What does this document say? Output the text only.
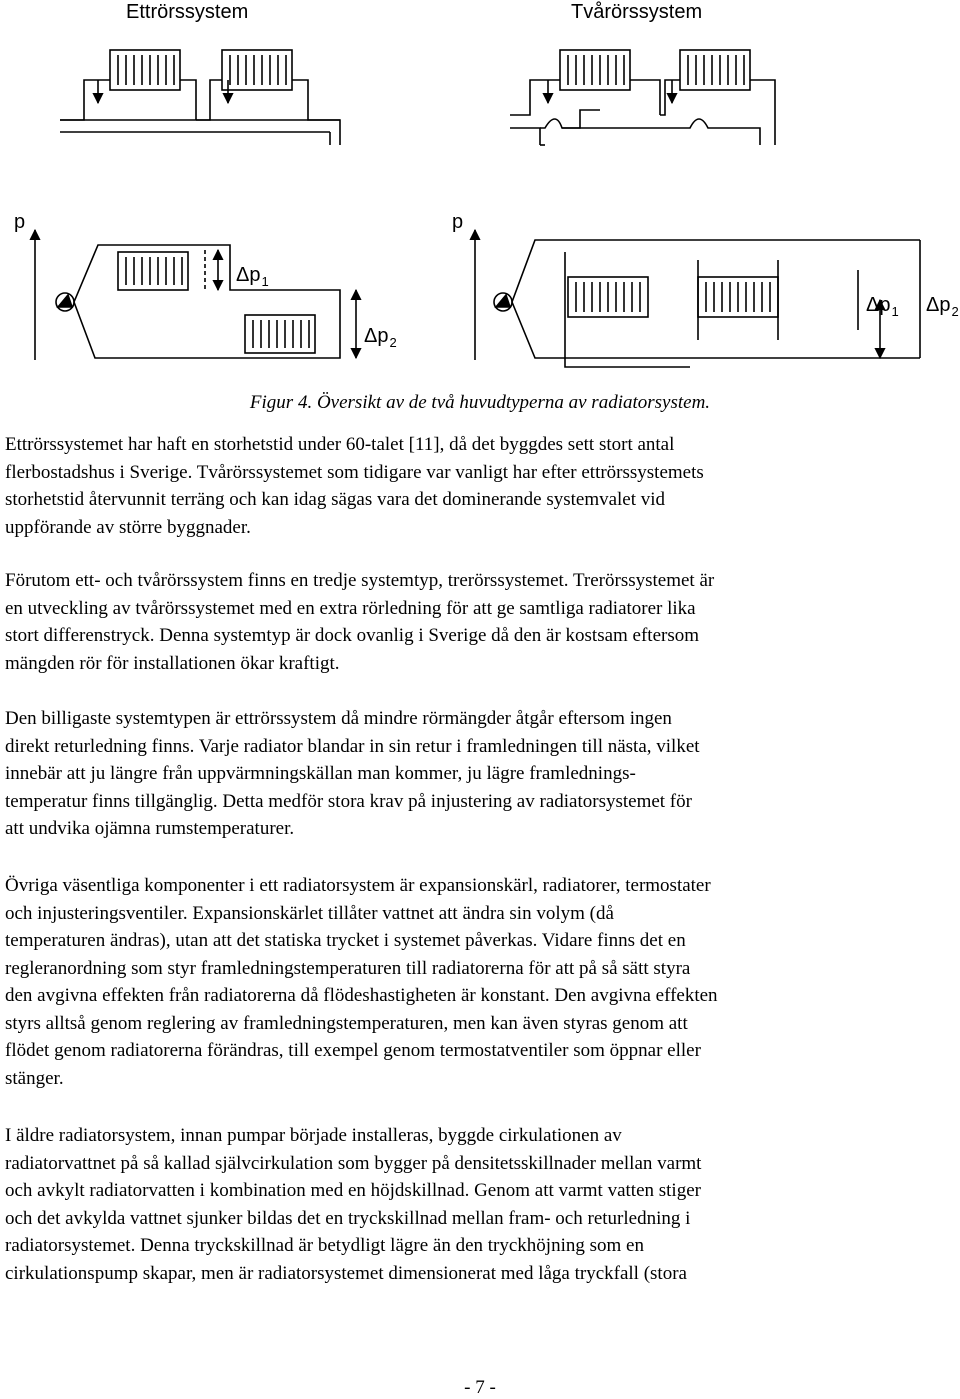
Ettrörssystem	Tvårörssystem
p	p
$\Delta p_1$
$\Delta p_2$
$\Delta p_1$ $\Delta p_2$
Figur 4. Översikt av de två huvudtyperna av radiatorsystem.
Ettrörssystemet har haft en storhetstid under 60-talet [11], då det byggdes sett stort antal
flerbostadshus i Sverige. Tvårörssystemet som tidigare var vanligt har efter ettrörssystemets
storhetstid återvunnit terräng och kan idag sägas vara det dominerande systemvalet vid
uppförande av större byggnader.
Förutom ett- och tvårörssystem finns en tredje systemtyp, trerörssystemet. Trerörssystemet är
en utveckling av tvårörssystemet med en extra rörledning för att ge samtliga radiatorer lika
stort differenstryck. Denna systemtyp är dock ovanlig i Sverige då den är kostsam eftersom
mängden rör för installationen ökar kraftigt.
Den billigaste systemtypen är ettrörssystem då mindre rörmängder åtgår eftersom ingen
direkt returledning finns. Varje radiator blandar in sin retur i framledningen till nästa, vilket
innebär att ju längre från uppvärmningskällan man kommer, ju lägre framlednings-
temperatur finns tillgänglig. Detta medför stora krav på injustering av radiatorsystemet för
att undvika ojämna rumstemperaturer.
Övriga väsentliga komponenter i ett radiatorsystem är expansionskärl, radiatorer, termostater
och injusteringsventiler. Expansionskärlet tillåter vattnet att ändra sin volym (då
temperaturen ändras), utan att det statiska trycket i systemet påverkas. Vidare finns det en
regleranordning som styr framledningstemperaturen till radiatorerna för att på så sätt styra
den avgivna effekten från radiatorerna då flödeshastigheten är konstant. Den avgivna effekten
styrs alltså genom reglering av framledningstemperaturen, men kan även styras genom att
flödet genom radiatorerna förändras, till exempel genom termostatventiler som öppnar eller
stänger.
I äldre radiatorsystem, innan pumpar började installeras, byggde cirkulationen av
radiatorvattnet på så kallad självcirkulation som bygger på densitetsskillnader mellan varmt
och avkylt radiatorvatten i kombination med en höjdskillnad. Genom att varmt vatten stiger
och det avkylda vattnet sjunker bildas det en tryckskillnad mellan fram- och returledning i
radiatorsystemet. Denna tryckskillnad är betydligt lägre än den tryckhöjning som en
cirkulationspump skapar, men är radiatorsystemet dimensionerat med låga tryckfall (stora
- 7 -
